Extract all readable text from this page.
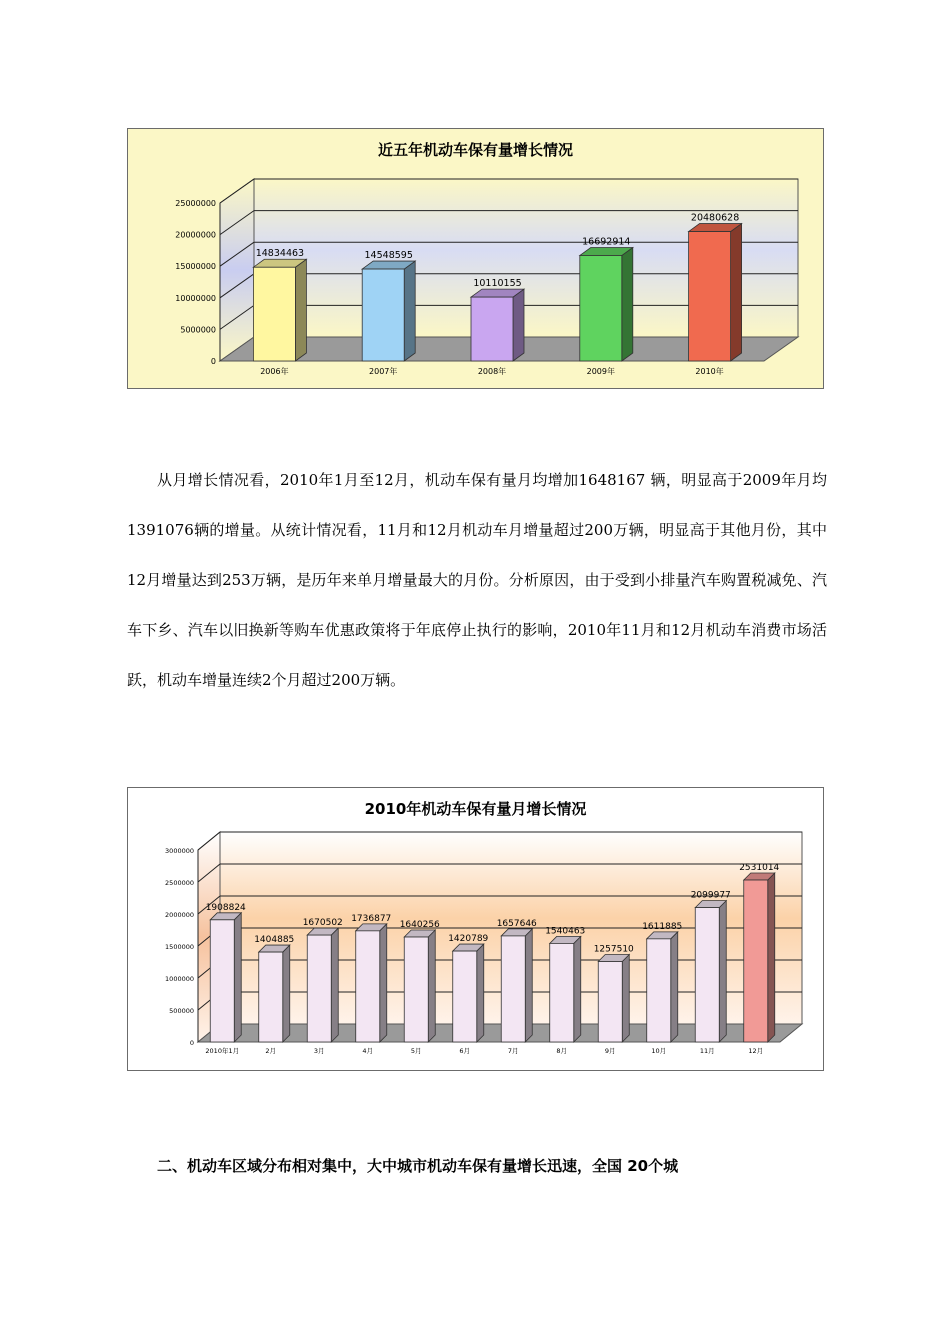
0
5000000
10000000
15000000
20000000
25000000
14834463
2006年
14548595
2007年
10110155
2008年
16692914
2009年
20480628
2010年
近五年机动车保有量增长情况

从月增长情况看，2010年1月至12月，机动车保有量月均增加1648167 辆，明显高于2009年月均1391076辆的增量。从统计情况看，11月和12月机动车月增量超过200万辆，明显高于其他月份，其中12月增量达到253万辆，是历年来单月增量最大的月份。分析原因，由于受到小排量汽车购置税减免、汽车下乡、汽车以旧换新等购车优惠政策将于年底停止执行的影响，2010年11月和12月机动车消费市场活跃，机动车增量连续2个月超过200万辆。

0
500000
1000000
1500000
2000000
2500000
3000000
1908824
2010年1月
1404885
2月
1670502
3月
1736877
4月
1640256
5月
1420789
6月
1657646
7月
1540463
8月
1257510
9月
1611885
10月
2099977
11月
2531014
12月
2010年机动车保有量月增长情况

二、机动车区域分布相对集中，大中城市机动车保有量增长迅速，全国 20个城
